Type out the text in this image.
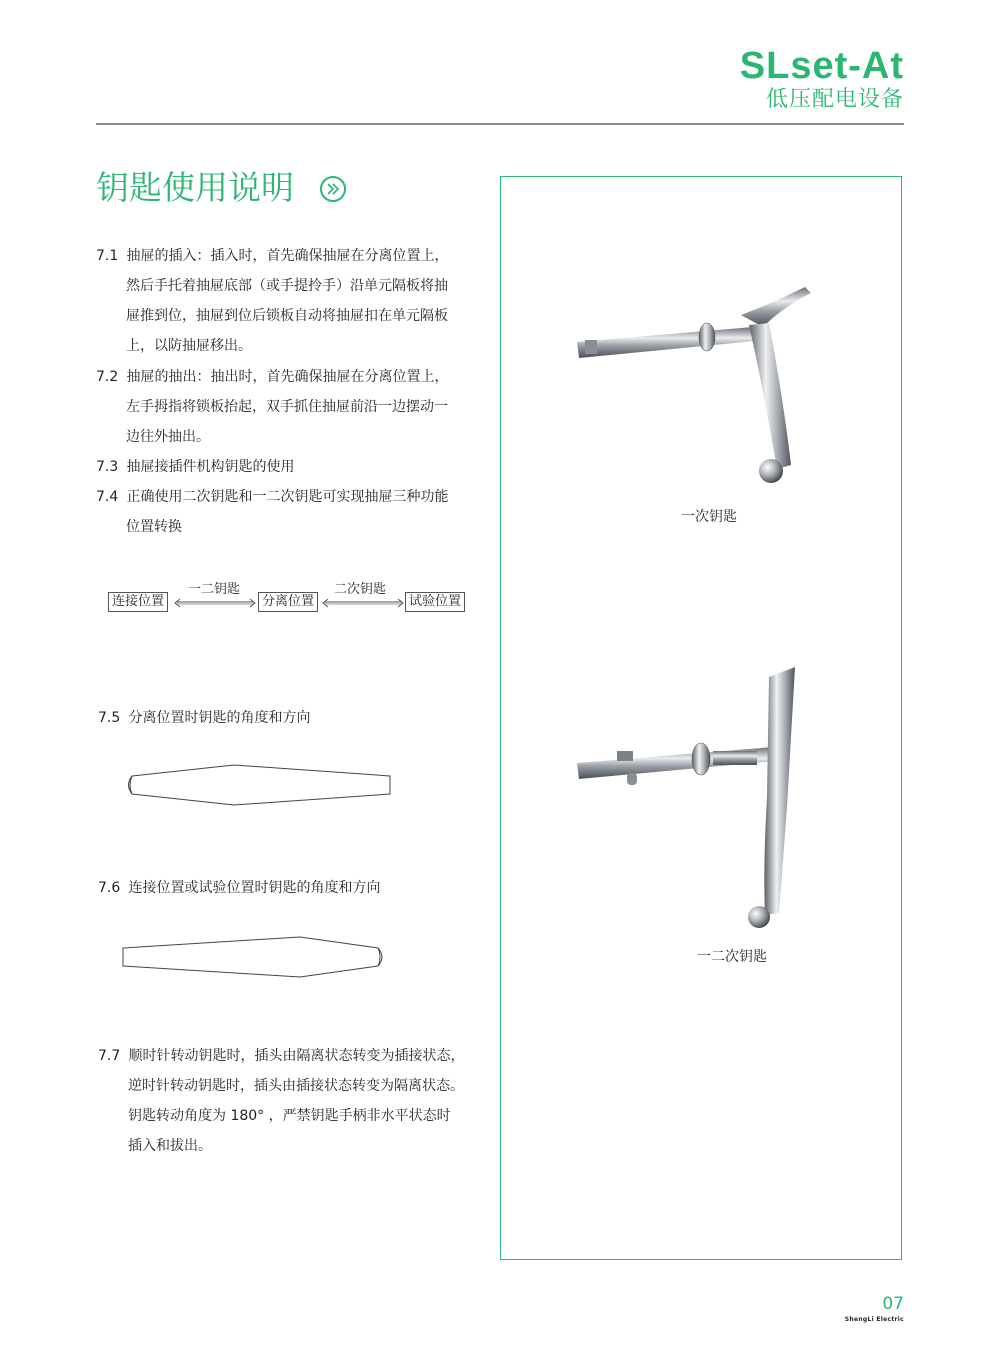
SLset-At
低压配电设备
钥匙使用说明
7.1 抽屉的插入：插入时，首先确保抽屉在分离位置上，
然后手托着抽屉底部（或手提拎手）沿单元隔板将抽
屉推到位，抽屉到位后锁板自动将抽屉扣在单元隔板
上，以防抽屉移出。
7.2 抽屉的抽出：抽出时，首先确保抽屉在分离位置上，
左手拇指将锁板抬起，双手抓住抽屉前沿一边摆动一
边往外抽出。
7.3 抽屉接插件机构钥匙的使用
7.4 正确使用二次钥匙和一二次钥匙可实现抽屉三种功能
位置转换
连接位置
一二钥匙
分离位置
二次钥匙
试验位置
7.5 分离位置时钥匙的角度和方向
7.6 连接位置或试验位置时钥匙的角度和方向
7.7 顺时针转动钥匙时，插头由隔离状态转变为插接状态，
逆时针转动钥匙时，插头由插接状态转变为隔离状态。
钥匙转动角度为 180° ，严禁钥匙手柄非水平状态时
插入和拔出。
一次钥匙
一二次钥匙
07
ShengLi Electric
